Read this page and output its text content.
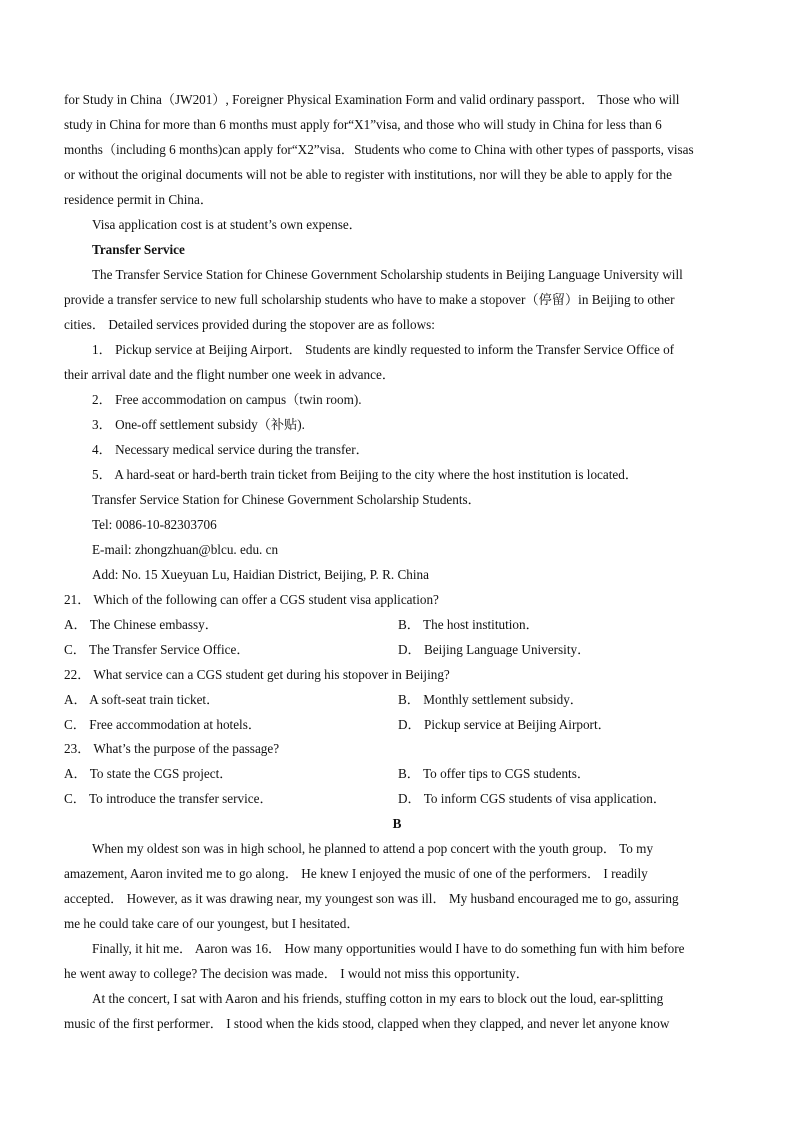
for Study in China（JW201）, Foreigner Physical Examination Form and valid ordinary passport． Those who will
study in China for more than 6 months must apply for“X1”visa, and those who will study in China for less than 6
months（including 6 months)can apply for“X2”visa．Students who come to China with other types of passports, visas
or without the original documents will not be able to register with institutions, nor will they be able to apply for the
residence permit in China．
Visa application cost is at student’s own expense．
Transfer Service
The Transfer Service Station for Chinese Government Scholarship students in Beijing Language University will
provide a transfer service to new full scholarship students who have to make a stopover（停留）in Beijing to other
cities． Detailed services provided during the stopover are as follows:
1． Pickup service at Beijing Airport． Students are kindly requested to inform the Transfer Service Office of
their arrival date and the flight number one week in advance．
2． Free accommodation on campus（twin room).
3． One-off settlement subsidy（补贴).
4． Necessary medical service during the transfer．
5． A hard-seat or hard-berth train ticket from Beijing to the city where the host institution is located．
Transfer Service Station for Chinese Government Scholarship Students．
Tel: 0086-10-82303706
E-mail: zhongzhuan@blcu. edu. cn
Add: No. 15 Xueyuan Lu, Haidian District, Beijing, P. R. China
21． Which of the following can offer a CGS student visa application?
A． The Chinese embassy．	B． The host institution．
C． The Transfer Service Office．	D． Beijing Language University．
22． What service can a CGS student get during his stopover in Beijing?
A． A soft-seat train ticket．	B． Monthly settlement subsidy．
C． Free accommodation at hotels．	D． Pickup service at Beijing Airport．
23． What’s the purpose of the passage?
A． To state the CGS project．	B． To offer tips to CGS students．
C． To introduce the transfer service．	D． To inform CGS students of visa application．
B
When my oldest son was in high school, he planned to attend a pop concert with the youth group． To my
amazement, Aaron invited me to go along． He knew I enjoyed the music of one of the performers． I readily
accepted． However, as it was drawing near, my youngest son was ill． My husband encouraged me to go, assuring
me he could take care of our youngest, but I hesitated．
Finally, it hit me． Aaron was 16． How many opportunities would I have to do something fun with him before
he went away to college? The decision was made． I would not miss this opportunity．
At the concert, I sat with Aaron and his friends, stuffing cotton in my ears to block out the loud, ear-splitting
music of the first performer． I stood when the kids stood, clapped when they clapped, and never let anyone know
